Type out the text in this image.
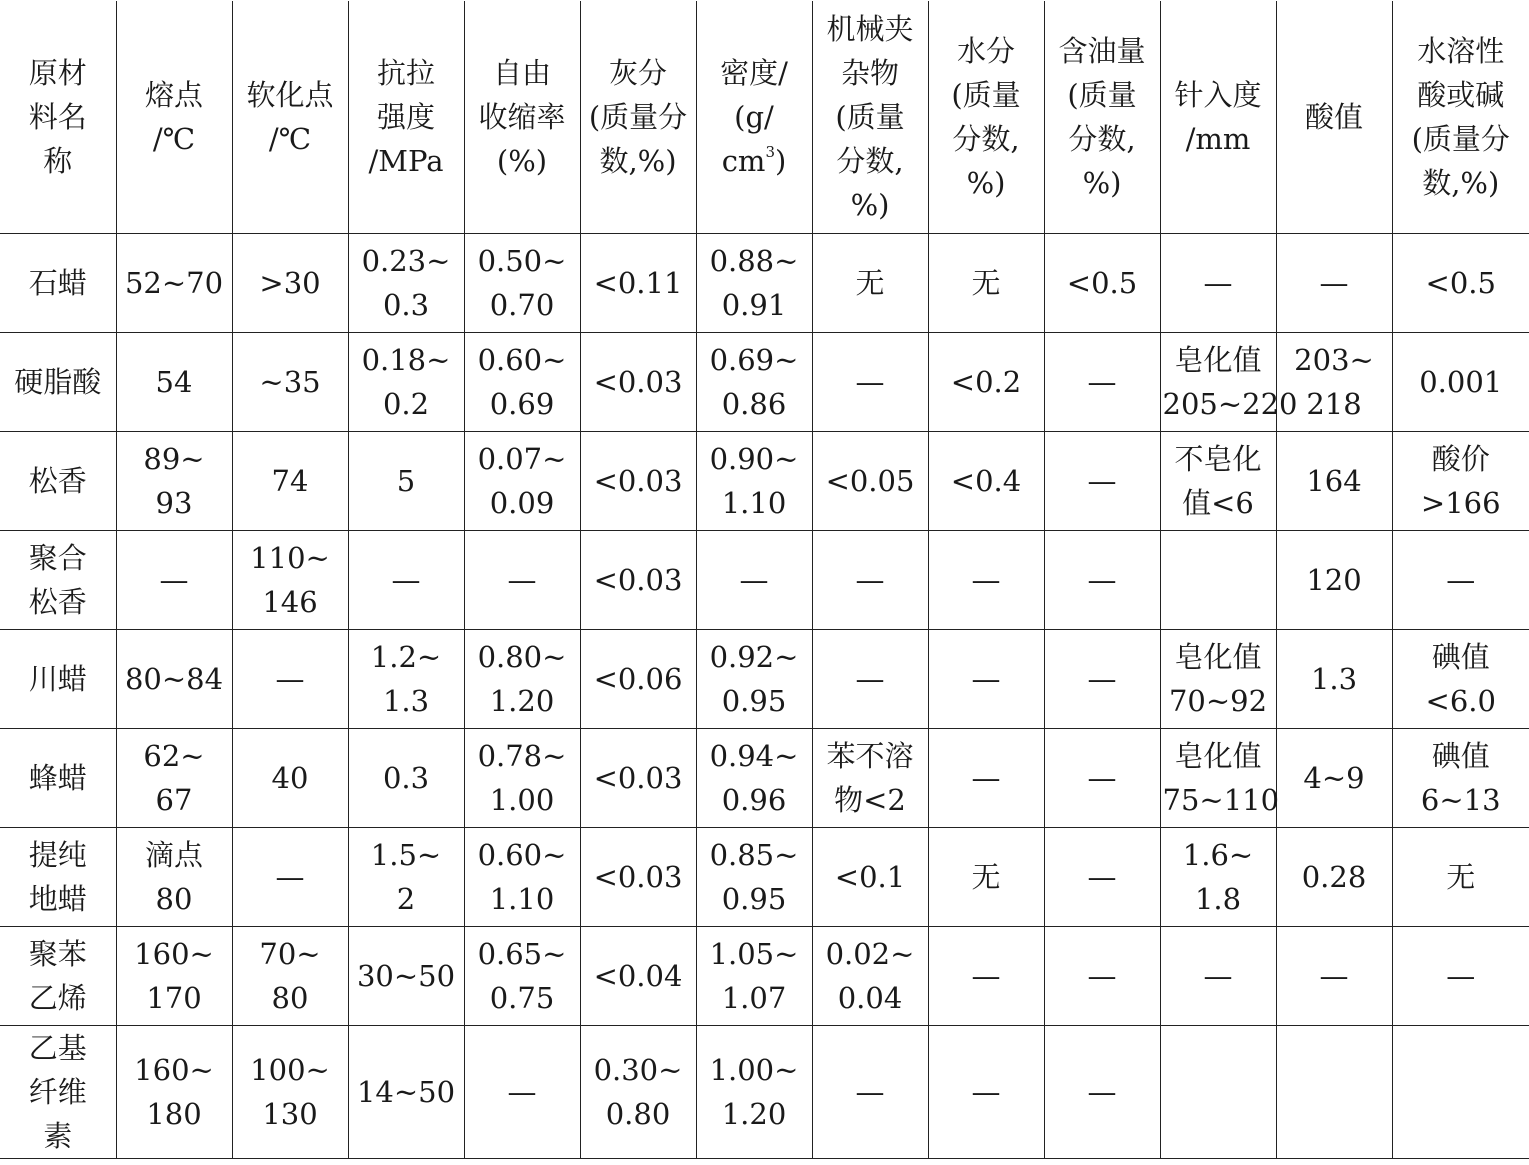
原材
料名
称	熔点
/℃	软化点
/℃	抗拉
强度
/MPa	自由
收缩率
(%)	灰分
(质量分
数,%)	密度/
(g/
$cm^3$)	机械夹
杂物
(质量
分数,
%)	水分
(质量
分数,
%)	含油量
(质量
分数,
%)	针入度
/mm	酸值	水溶性
酸或碱
(质量分
数,%)
石蜡	52~70	>30	0.23~
0.3	0.50~
0.70	<0.11	0.88~
0.91	无	无	<0.5	—	—	<0.5
硬脂酸	54	~35	0.18~
0.2	0.60~
0.69	<0.03	0.69~
0.86	—	<0.2	—	皂化值
205~220	203~
218	0.001
松香	89~
93	74	5	0.07~
0.09	<0.03	0.90~
1.10	<0.05	<0.4	—	不皂化
值<6	164	酸价
>166
聚合
松香	—	110~
146	—	—	<0.03	—	—	—	—		120	—
川蜡	80~84	—	1.2~
1.3	0.80~
1.20	<0.06	0.92~
0.95	—	—	—	皂化值
70~92	1.3	碘值
<6.0
蜂蜡	62~
67	40	0.3	0.78~
1.00	<0.03	0.94~
0.96	苯不溶
物<2	—	—	皂化值
75~110	4~9	碘值
6~13
提纯
地蜡	滴点
80	—	1.5~
2	0.60~
1.10	<0.03	0.85~
0.95	<0.1	无	—	1.6~
1.8	0.28	无
聚苯
乙烯	160~
170	70~
80	30~50	0.65~
0.75	<0.04	1.05~
1.07	0.02~
0.04	—	—	—	—	—
乙基
纤维
素	160~
180	100~
130	14~50	—	0.30~
0.80	1.00~
1.20	—	—	—			
